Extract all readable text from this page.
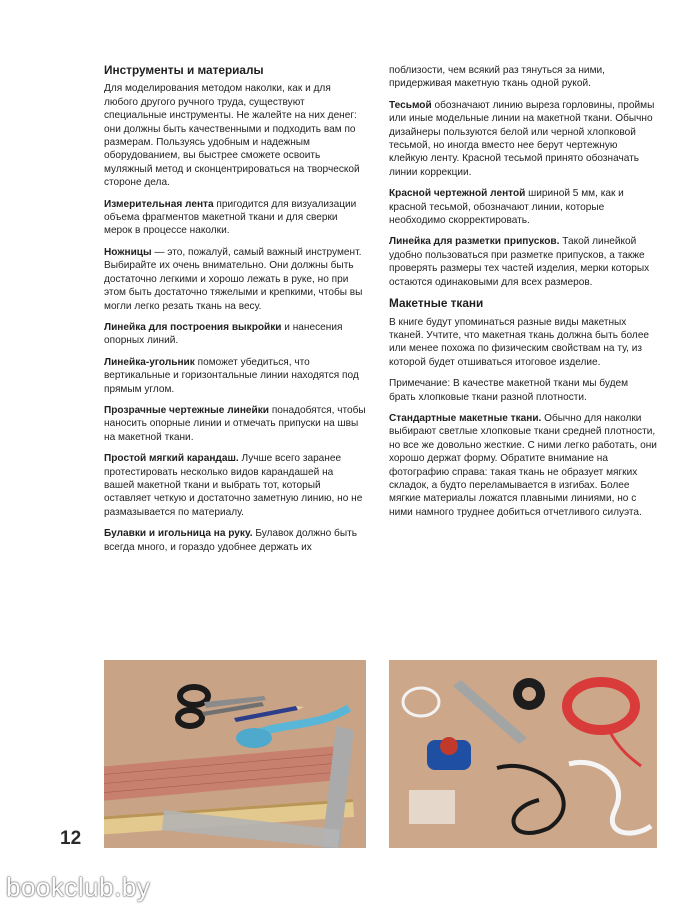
Инструменты и материалы

Для моделирования методом наколки, как и для любого другого ручного труда, существуют специальные инструменты. Не жалейте на них денег: они должны быть качественными и подходить вам по размерам. Пользуясь удобным и надежным оборудованием, вы быстрее сможете освоить муляжный метод и сконцентрироваться на творческой стороне дела.

Измерительная лента пригодится для визуализации объема фрагментов макетной ткани и для сверки мерок в процессе наколки.

Ножницы — это, пожалуй, самый важный инструмент. Выбирайте их очень внимательно. Они должны быть достаточно легкими и хорошо лежать в руке, но при этом быть достаточно тяжелыми и крепкими, чтобы вы могли легко резать ткань на весу.

Линейка для построения выкройки и нанесения опорных линий.

Линейка-угольник поможет убедиться, что вертикальные и горизонтальные линии находятся под прямым углом.

Прозрачные чертежные линейки понадобятся, чтобы наносить опорные линии и отмечать припуски на швы на макетной ткани.

Простой мягкий карандаш. Лучше всего заранее протестировать несколько видов карандашей на вашей макетной ткани и выбрать тот, который оставляет четкую и достаточно заметную линию, но не размазывается по материалу.

Булавки и игольница на руку. Булавок должно быть всегда много, и гораздо удобнее держать их

поблизости, чем всякий раз тянуться за ними, придерживая макетную ткань одной рукой.

Тесьмой обозначают линию выреза горловины, проймы или иные модельные линии на макетной ткани. Обычно дизайнеры пользуются белой или черной хлопковой тесьмой, но иногда вместо нее берут чертежную клейкую ленту. Красной тесьмой принято обозначать линии коррекции.

Красной чертежной лентой шириной 5 мм, как и красной тесьмой, обозначают линии, которые необходимо скорректировать.

Линейка для разметки припусков. Такой линейкой удобно пользоваться при разметке припусков, а также проверять размеры тех частей изделия, мерки которых остаются одинаковыми для всех размеров.

Макетные ткани

В книге будут упоминаться разные виды макетных тканей. Учтите, что макетная ткань должна быть более или менее похожа по физическим свойствам на ту, из которой будет отшиваться итоговое изделие.

Примечание: В качестве макетной ткани мы будем брать хлопковые ткани разной плотности.

Стандартные макетные ткани. Обычно для наколки выбирают светлые хлопковые ткани средней плотности, но все же довольно жесткие. С ними легко работать, они хорошо держат форму. Обратите внимание на фотографию справа: такая ткань не образует мягких складок, а будто переламывается в изгибах. Более мягкие материалы ложатся плавными линиями, но с ними намного труднее добиться отчетливого силуэта.

12
bookclub.by
